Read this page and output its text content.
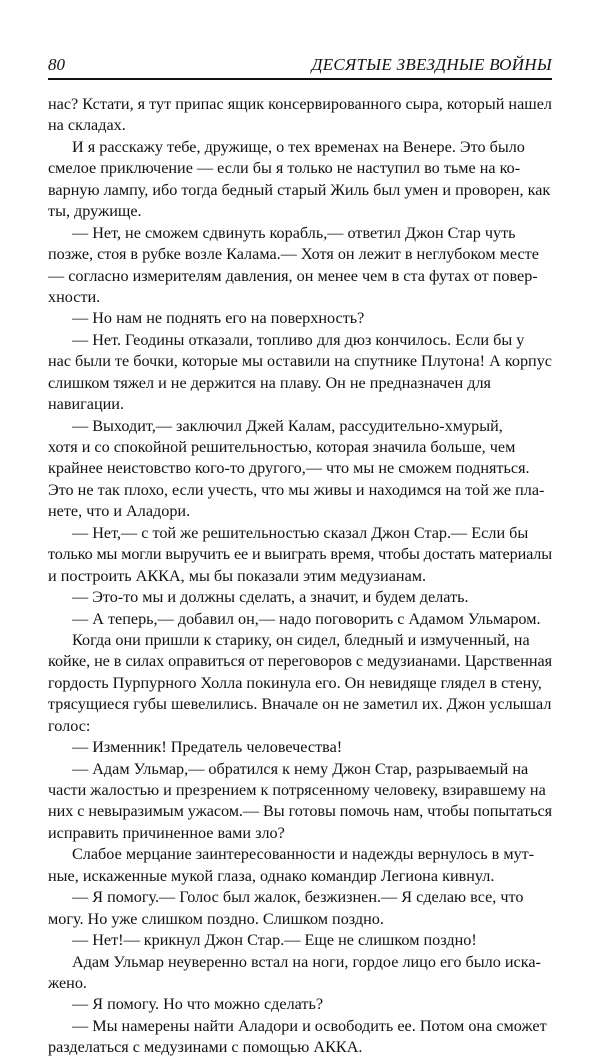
80	ДЕСЯТЫЕ ЗВЕЗДНЫЕ ВОЙНЫ
нас? Кстати, я тут припас ящик консервированного сыра, который нашел
на складах.
И я расскажу тебе, дружище, о тех временах на Венере. Это было
смелое приключение — если бы я только не наступил во тьме на ко-
варную лампу, ибо тогда бедный старый Жиль был умен и проворен, как
ты, дружище.
— Нет, не сможем сдвинуть корабль,— ответил Джон Стар чуть
позже, стоя в рубке возле Калама.— Хотя он лежит в неглубоком месте
— согласно измерителям давления, он менее чем в ста футах от повер-
хности.
— Но нам не поднять его на поверхность?
— Нет. Геодины отказали, топливо для дюз кончилось. Если бы у
нас были те бочки, которые мы оставили на спутнике Плутона! А корпус
слишком тяжел и не держится на плаву. Он не предназначен для
навигации.
— Выходит,— заключил Джей Калам, рассудительно-хмурый,
хотя и со спокойной решительностью, которая значила больше, чем
крайнее неистовство кого-то другого,— что мы не сможем подняться.
Это не так плохо, если учесть, что мы живы и находимся на той же пла-
нете, что и Аладори.
— Нет,— с той же решительностью сказал Джон Стар.— Если бы
только мы могли выручить ее и выиграть время, чтобы достать материалы
и построить АККА, мы бы показали этим медузианам.
— Это-то мы и должны сделать, а значит, и будем делать.
— А теперь,— добавил он,— надо поговорить с Адамом Ульмаром.
Когда они пришли к старику, он сидел, бледный и измученный, на
койке, не в силах оправиться от переговоров с медузианами. Царственная
гордость Пурпурного Холла покинула его. Он невидяще глядел в стену,
трясущиеся губы шевелились. Вначале он не заметил их. Джон услышал
голос:
— Изменник! Предатель человечества!
— Адам Ульмар,— обратился к нему Джон Стар, разрываемый на
части жалостью и презрением к потрясенному человеку, взиравшему на
них с невыразимым ужасом.— Вы готовы помочь нам, чтобы попытаться
исправить причиненное вами зло?
Слабое мерцание заинтересованности и надежды вернулось в мут-
ные, искаженные мукой глаза, однако командир Легиона кивнул.
— Я помогу.— Голос был жалок, безжизнен.— Я сделаю все, что
могу. Но уже слишком поздно. Слишком поздно.
— Нет!— крикнул Джон Стар.— Еще не слишком поздно!
Адам Ульмар неуверенно встал на ноги, гордое лицо его было иска-
жено.
— Я помогу. Но что можно сделать?
— Мы намерены найти Аладори и освободить ее. Потом она сможет
разделаться с медузинами с помощью АККА.
